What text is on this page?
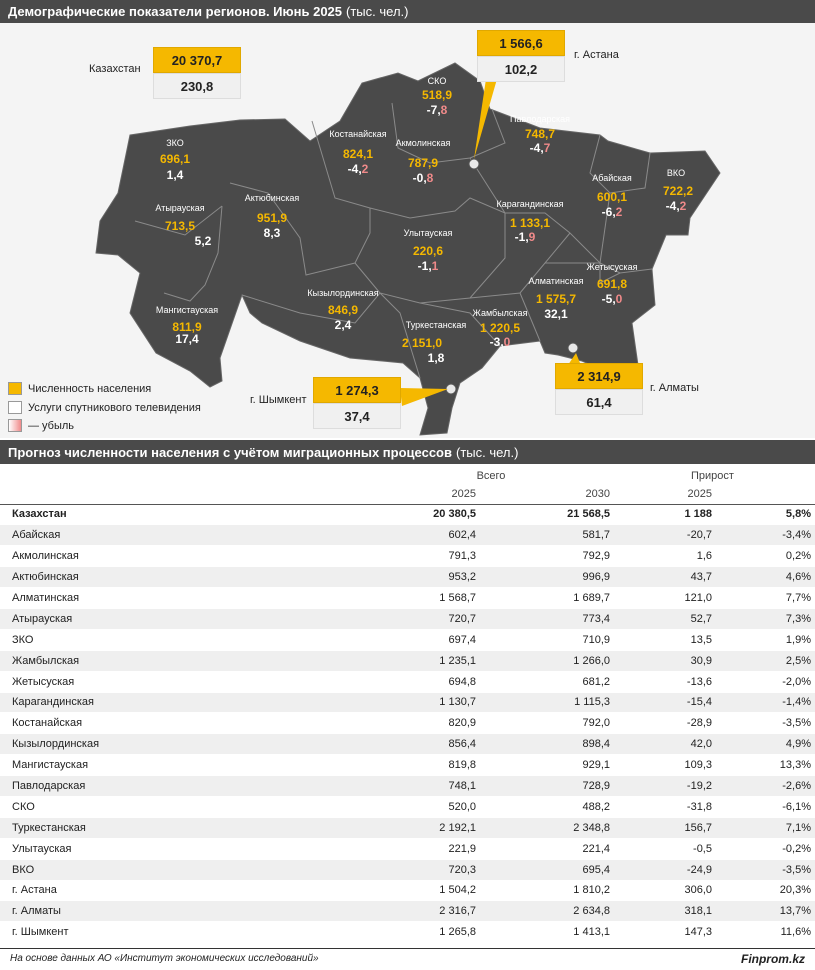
Демографические показатели регионов. Июнь 2025 (тыс. чел.)
Казахстан
20 370,7
230,8
г. Астана
1 566,6
102,2
г. Шымкент
1 274,3
37,4
г. Алматы
2 314,9
61,4
СКО
518,9
-7,8
Костанайская
824,1
-4,2
Акмолинская
787,9
-0,8
Павлодарская
748,7
-4,7
ЗКО
696,1
1,4
Актюбинская
951,9
8,3
Атырауская
713,5
5,2
Абайская
600,1
-6,2
ВКО
722,2
-4,2
Карагандинская
1 133,1
-1,9
Улытауская
220,6
-1,1
Кызылординская
846,9
2,4
Мангистауская
811,9
17,4
Туркестанская
2 151,0
1,8
Жамбылская
1 220,5
-3,0
Алматинская
1 575,7
32,1
Жетысуская
691,8
-5,0
Численность населения
Услуги спутникового телевидения
— убыль
Прогноз численности населения с учётом миграционных процессов (тыс. чел.)
	Всего		Прирост	
	2025	2030	2025	
Казахстан	20 380,5	21 568,5	1 188	5,8%
Абайская	602,4	581,7	-20,7	-3,4%
Акмолинская	791,3	792,9	1,6	0,2%
Актюбинская	953,2	996,9	43,7	4,6%
Алматинская	1 568,7	1 689,7	121,0	7,7%
Атырауская	720,7	773,4	52,7	7,3%
ЗКО	697,4	710,9	13,5	1,9%
Жамбылская	1 235,1	1 266,0	30,9	2,5%
Жетысуская	694,8	681,2	-13,6	-2,0%
Карагандинская	1 130,7	1 115,3	-15,4	-1,4%
Костанайская	820,9	792,0	-28,9	-3,5%
Кызылординская	856,4	898,4	42,0	4,9%
Мангистауская	819,8	929,1	109,3	13,3%
Павлодарская	748,1	728,9	-19,2	-2,6%
СКО	520,0	488,2	-31,8	-6,1%
Туркестанская	2 192,1	2 348,8	156,7	7,1%
Улытауская	221,9	221,4	-0,5	-0,2%
ВКО	720,3	695,4	-24,9	-3,5%
г. Астана	1 504,2	1 810,2	306,0	20,3%
г. Алматы	2 316,7	2 634,8	318,1	13,7%
г. Шымкент	1 265,8	1 413,1	147,3	11,6%
На основе данных АО «Институт экономических исследований»	Finprom.kz
